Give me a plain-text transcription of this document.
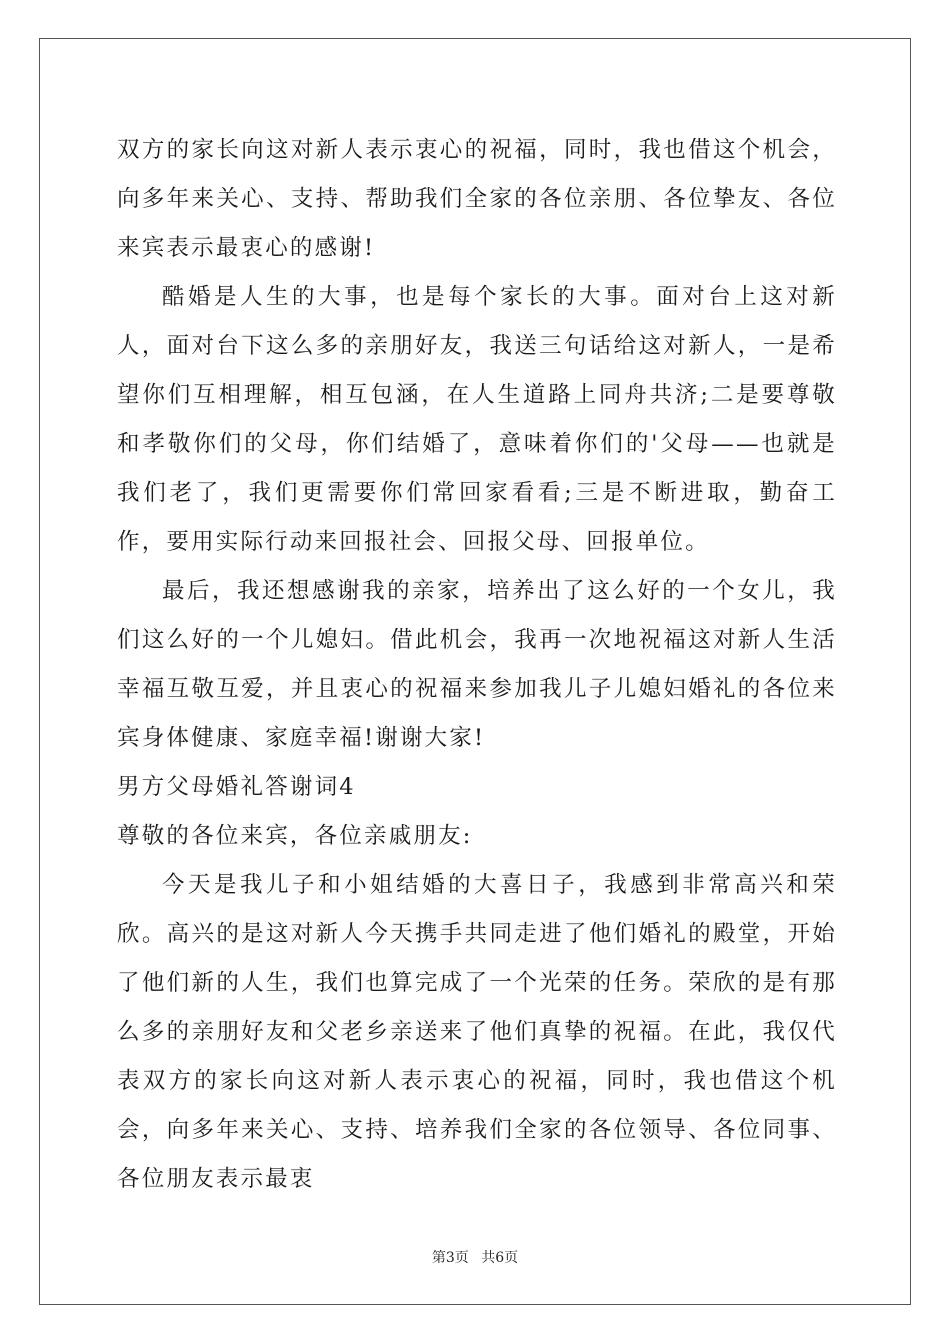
双方的家长向这对新人表示衷心的祝福，同时，我也借这个机会，向多年来关心、支持、帮助我们全家的各位亲朋、各位挚友、各位来宾表示最衷心的感谢!

酷婚是人生的大事，也是每个家长的大事。面对台上这对新人，面对台下这么多的亲朋好友，我送三句话给这对新人，一是希望你们互相理解，相互包涵，在人生道路上同舟共济;二是要尊敬和孝敬你们的父母，你们结婚了，意味着你们的'父母——也就是我们老了，我们更需要你们常回家看看;三是不断进取，勤奋工作，要用实际行动来回报社会、回报父母、回报单位。

最后，我还想感谢我的亲家，培养出了这么好的一个女儿，我们这么好的一个儿媳妇。借此机会，我再一次地祝福这对新人生活幸福互敬互爱，并且衷心的祝福来参加我儿子儿媳妇婚礼的各位来宾身体健康、家庭幸福!谢谢大家!

男方父母婚礼答谢词4

尊敬的各位来宾，各位亲戚朋友:

今天是我儿子和小姐结婚的大喜日子，我感到非常高兴和荣欣。高兴的是这对新人今天携手共同走进了他们婚礼的殿堂，开始了他们新的人生，我们也算完成了一个光荣的任务。荣欣的是有那么多的亲朋好友和父老乡亲送来了他们真挚的祝福。在此，我仅代表双方的家长向这对新人表示衷心的祝福，同时，我也借这个机会，向多年来关心、支持、培养我们全家的各位领导、各位同事、各位朋友表示最衷

第3页 共6页
